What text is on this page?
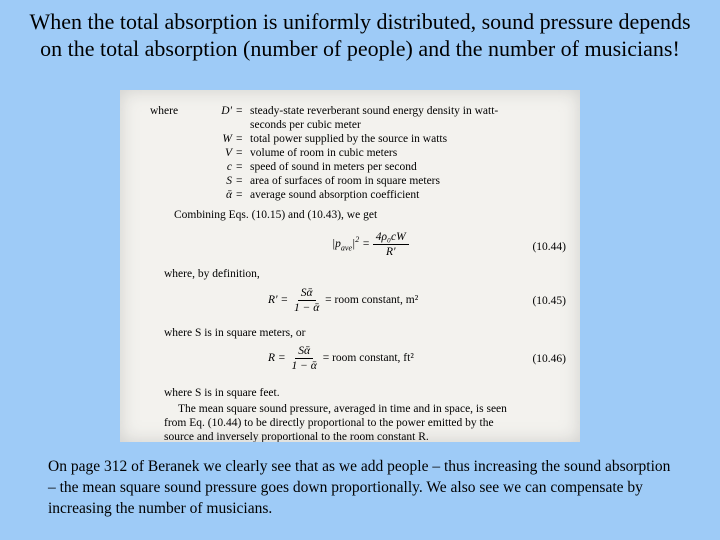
When the total absorption is uniformly distributed, sound pressure depends on the total absorption (number of people) and the number of musicians!
where	D' = steady-state reverberant sound energy density in watt-
seconds per cubic meter
W = total power supplied by the source in watts
V = volume of room in cubic meters
c = speed of sound in meters per second
S = area of surfaces of room in square meters
ᾱ = average sound absorption coefficient
Combining Eqs. (10.15) and (10.43), we get
$|p_{ave}|^2 = \frac{\text{4ρ₀cW}}{R'}$	(10.44)
where, by definition,
$R' = \frac{\text{Sᾱ}}{\text{1 − ᾱ}}$ = room constant, m²	(10.45)
where S is in square meters, or
$R = \frac{\text{Sᾱ}}{\text{1 − ᾱ}}$ = room constant, ft²	(10.46)
where S is in square feet.
The mean square sound pressure, averaged in time and in space, is seen
from Eq. (10.44) to be directly proportional to the power emitted by the
source and inversely proportional to the room constant R.
On page 312 of Beranek we clearly see that as we add people – thus increasing the sound absorption – the mean square sound pressure goes down proportionally. We also see we can compensate by increasing the number of musicians.
